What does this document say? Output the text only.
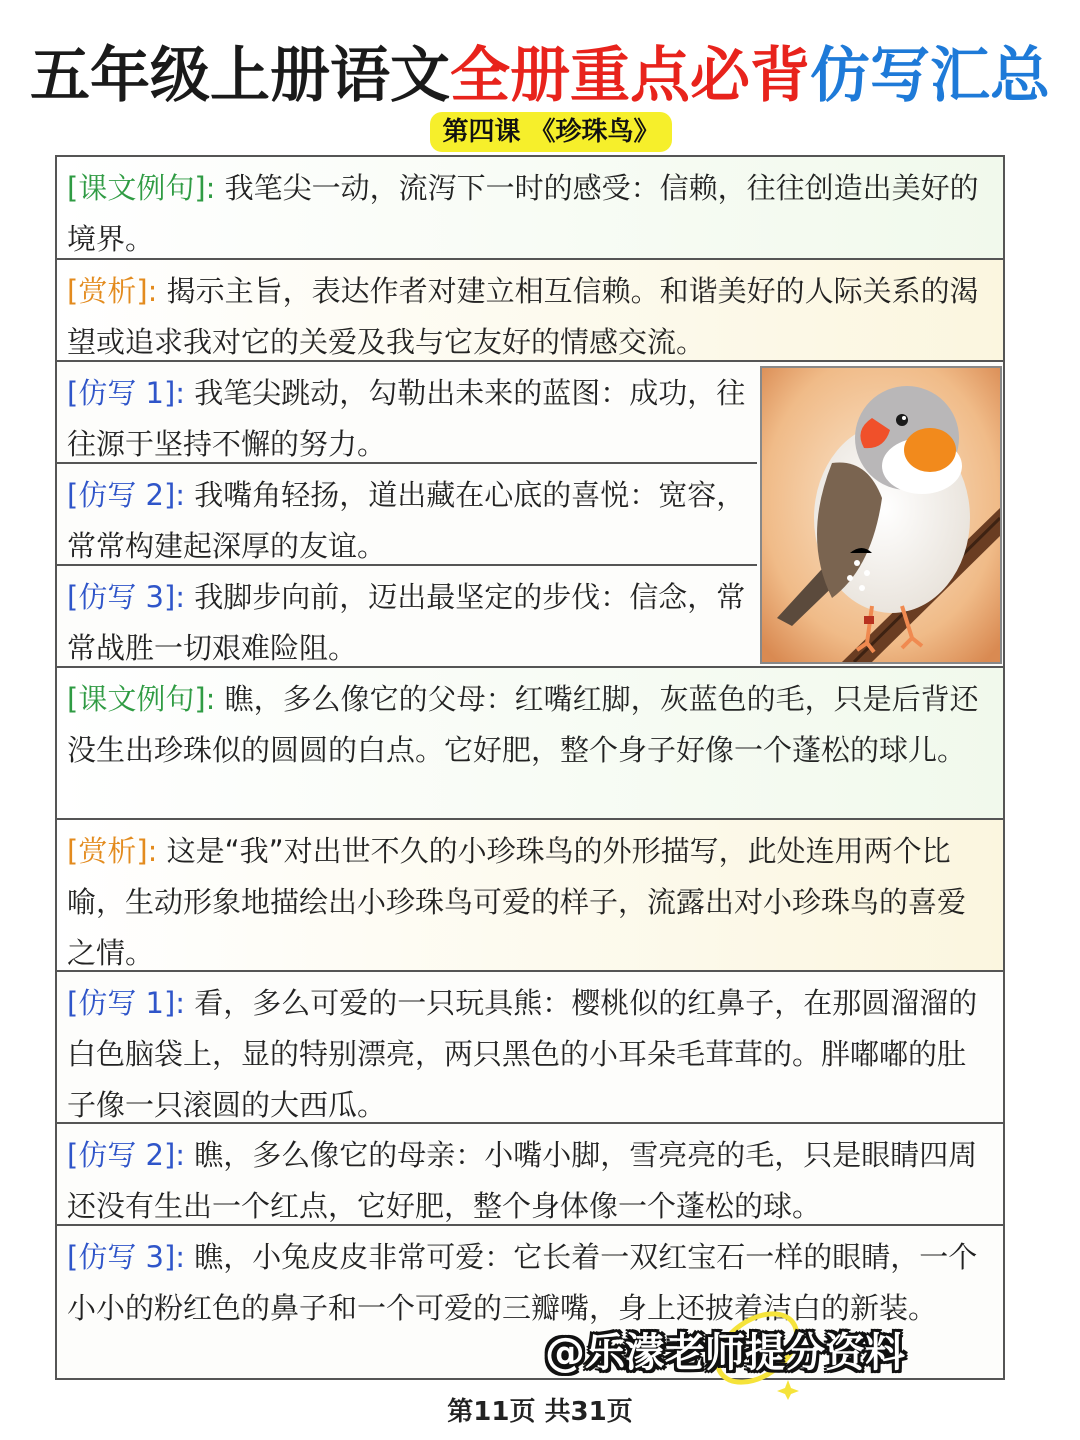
五年级上册语文全册重点必背仿写汇总
第四课 《珍珠鸟》
[课文例句]: 我笔尖一动，流泻下一时的感受：信赖，往往创造出美好的境界。
[赏析]: 揭示主旨，表达作者对建立相互信赖。和谐美好的人际关系的渴望或追求我对它的关爱及我与它友好的情感交流。
[仿写 1]: 我笔尖跳动，勾勒出未来的蓝图：成功，往往源于坚持不懈的努力。
[仿写 2]: 我嘴角轻扬，道出藏在心底的喜悦：宽容，常常构建起深厚的友谊。
[仿写 3]: 我脚步向前，迈出最坚定的步伐：信念，常常战胜一切艰难险阻。
[课文例句]: 瞧，多么像它的父母：红嘴红脚，灰蓝色的毛，只是后背还没生出珍珠似的圆圆的白点。它好肥，整个身子好像一个蓬松的球儿。
[赏析]: 这是“我”对出世不久的小珍珠鸟的外形描写，此处连用两个比喻，生动形象地描绘出小珍珠鸟可爱的样子，流露出对小珍珠鸟的喜爱之情。
[仿写 1]: 看，多么可爱的一只玩具熊：樱桃似的红鼻子，在那圆溜溜的白色脑袋上，显的特别漂亮，两只黑色的小耳朵毛茸茸的。胖嘟嘟的肚子像一只滚圆的大西瓜。
[仿写 2]: 瞧，多么像它的母亲：小嘴小脚，雪亮亮的毛，只是眼睛四周还没有生出一个红点，它好肥，整个身体像一个蓬松的球。
[仿写 3]: 瞧，小兔皮皮非常可爱：它长着一双红宝石一样的眼睛，一个小小的粉红色的鼻子和一个可爱的三瓣嘴，身上还披着洁白的新装。
@乐濛老师提分资料
第11页 共31页
